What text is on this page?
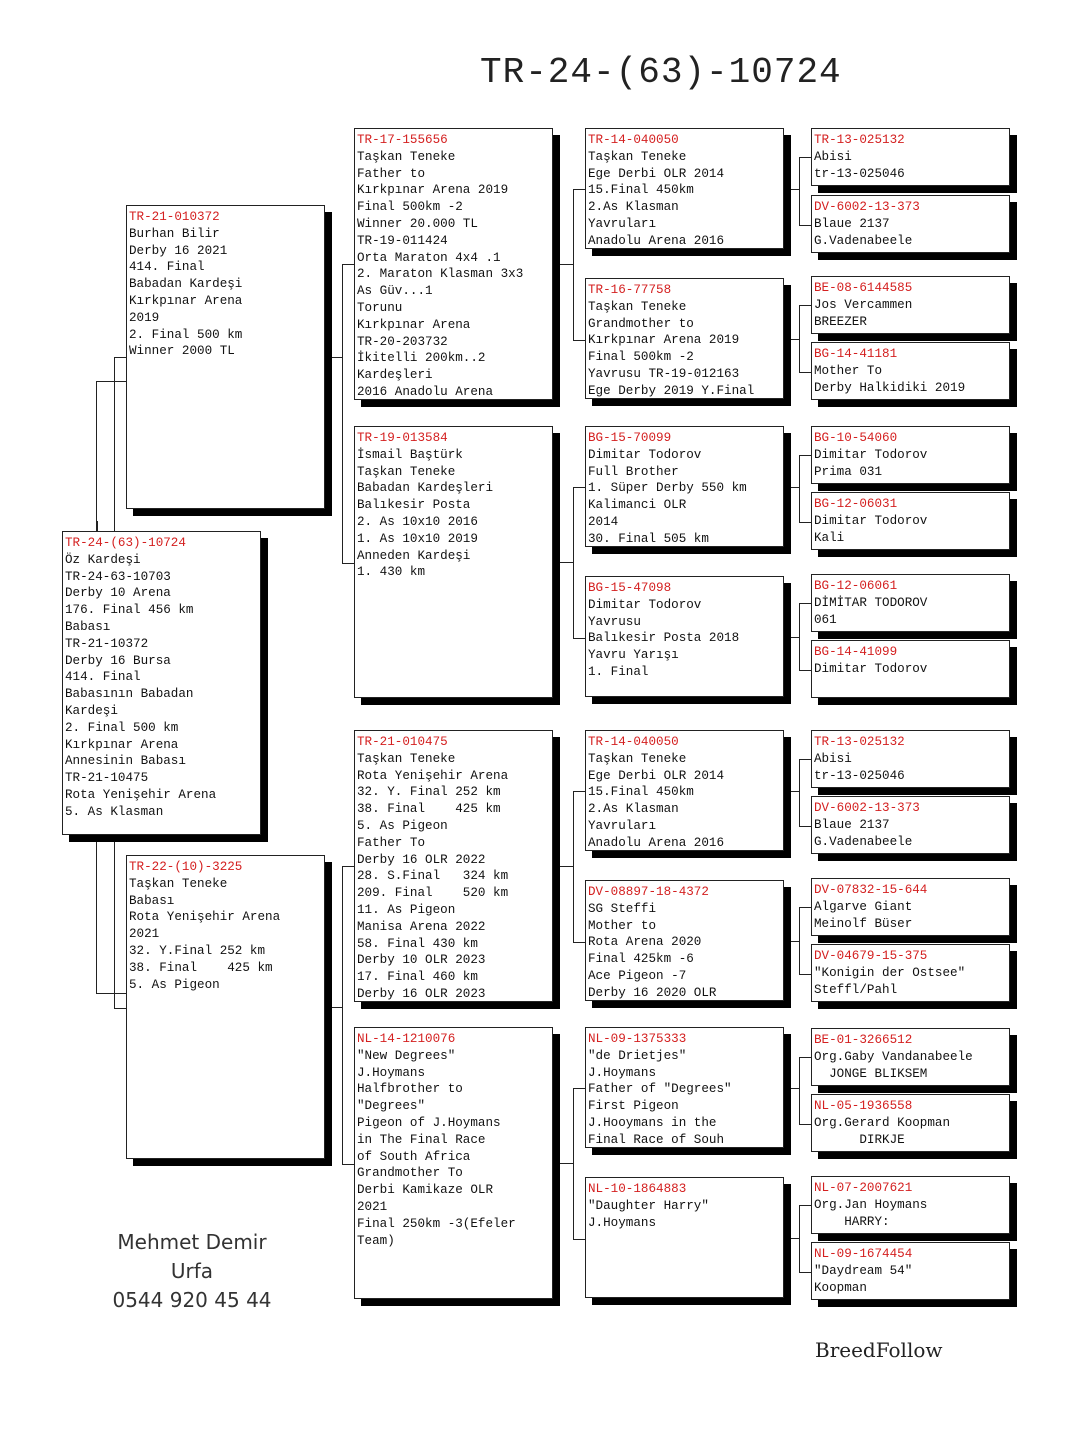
TR-24-(63)-10724
TR-24-(63)-10724
Öz Kardeşi
TR-24-63-10703
Derby 10 Arena
176. Final 456 km
Babası
TR-21-10372
Derby 16 Bursa
414. Final
Babasının Babadan
Kardeşi
2. Final 500 km
Kırkpınar Arena
Annesinin Babası
TR-21-10475
Rota Yenişehir Arena
5. As Klasman
TR-21-010372
Burhan Bilir
Derby 16 2021
414. Final
Babadan Kardeşi
Kırkpınar Arena
2019
2. Final 500 km
Winner 2000 TL
TR-22-(10)-3225
Taşkan Teneke
Babası
Rota Yenişehir Arena
2021
32. Y.Final 252 km
38. Final    425 km
5. As Pigeon
TR-17-155656
Taşkan Teneke
Father to
Kırkpınar Arena 2019
Final 500km -2
Winner 20.000 TL
TR-19-011424
Orta Maraton 4x4 .1
2. Maraton Klasman 3x3
As Güv...1
Torunu
Kırkpınar Arena
TR-20-203732
İkitelli 200km..2
Kardeşleri
2016 Anadolu Arena
TR-19-013584
İsmail Baştürk
Taşkan Teneke
Babadan Kardeşleri
Balıkesir Posta
2. As 10x10 2016
1. As 10x10 2019
Anneden Kardeşi
1. 430 km
TR-21-010475
Taşkan Teneke
Rota Yenişehir Arena
32. Y. Final 252 km
38. Final    425 km
5. As Pigeon
Father To
Derby 16 OLR 2022
28. S.Final   324 km
209. Final    520 km
11. As Pigeon
Manisa Arena 2022
58. Final 430 km
Derby 10 OLR 2023
17. Final 460 km
Derby 16 OLR 2023
NL-14-1210076
"New Degrees"
J.Hoymans
Halfbrother to
"Degrees"
Pigeon of J.Hoymans
in The Final Race
of South Africa
Grandmother To
Derbi Kamikaze OLR
2021
Final 250km -3(Efeler
Team)
TR-14-040050
Taşkan Teneke
Ege Derbi OLR 2014
15.Final 450km
2.As Klasman
Yavruları
Anadolu Arena 2016
TR-16-77758
Taşkan Teneke
Grandmother to
Kırkpınar Arena 2019
Final 500km -2
Yavrusu TR-19-012163
Ege Derby 2019 Y.Final
BG-15-70099
Dimitar Todorov
Full Brother
1. Süper Derby 550 km
Kalimanci OLR
2014
30. Final 505 km
BG-15-47098
Dimitar Todorov
Yavrusu
Balıkesir Posta 2018
Yavru Yarışı
1. Final
TR-14-040050
Taşkan Teneke
Ege Derbi OLR 2014
15.Final 450km
2.As Klasman
Yavruları
Anadolu Arena 2016
DV-08897-18-4372
SG Steffi
Mother to
Rota Arena 2020
Final 425km -6
Ace Pigeon -7
Derby 16 2020 OLR
NL-09-1375333
"de Drietjes"
J.Hoymans
Father of "Degrees"
First Pigeon
J.Hooymans in the
Final Race of Souh
NL-10-1864883
"Daughter Harry"
J.Hoymans
TR-13-025132
Abisi
tr-13-025046
DV-6002-13-373
Blaue 2137
G.Vadenabeele
BE-08-6144585
Jos Vercammen
BREEZER
BG-14-41181
Mother To
Derby Halkidiki 2019
BG-10-54060
Dimitar Todorov
Prima 031
BG-12-06031
Dimitar Todorov
Kali
BG-12-06061
DİMİTAR TODOROV
061
BG-14-41099
Dimitar Todorov
TR-13-025132
Abisi
tr-13-025046
DV-6002-13-373
Blaue 2137
G.Vadenabeele
DV-07832-15-644
Algarve Giant
Meinolf Büser
DV-04679-15-375
"Konigin der Ostsee"
Steffl/Pahl
BE-01-3266512
Org.Gaby Vandanabeele
JONGE BLIKSEM
NL-05-1936558
Org.Gerard Koopman
DIRKJE
NL-07-2007621
Org.Jan Hoymans
HARRY:
NL-09-1674454
"Daydream 54"
Koopman
Mehmet Demir
Urfa
0544 920 45 44
BreedFollow
